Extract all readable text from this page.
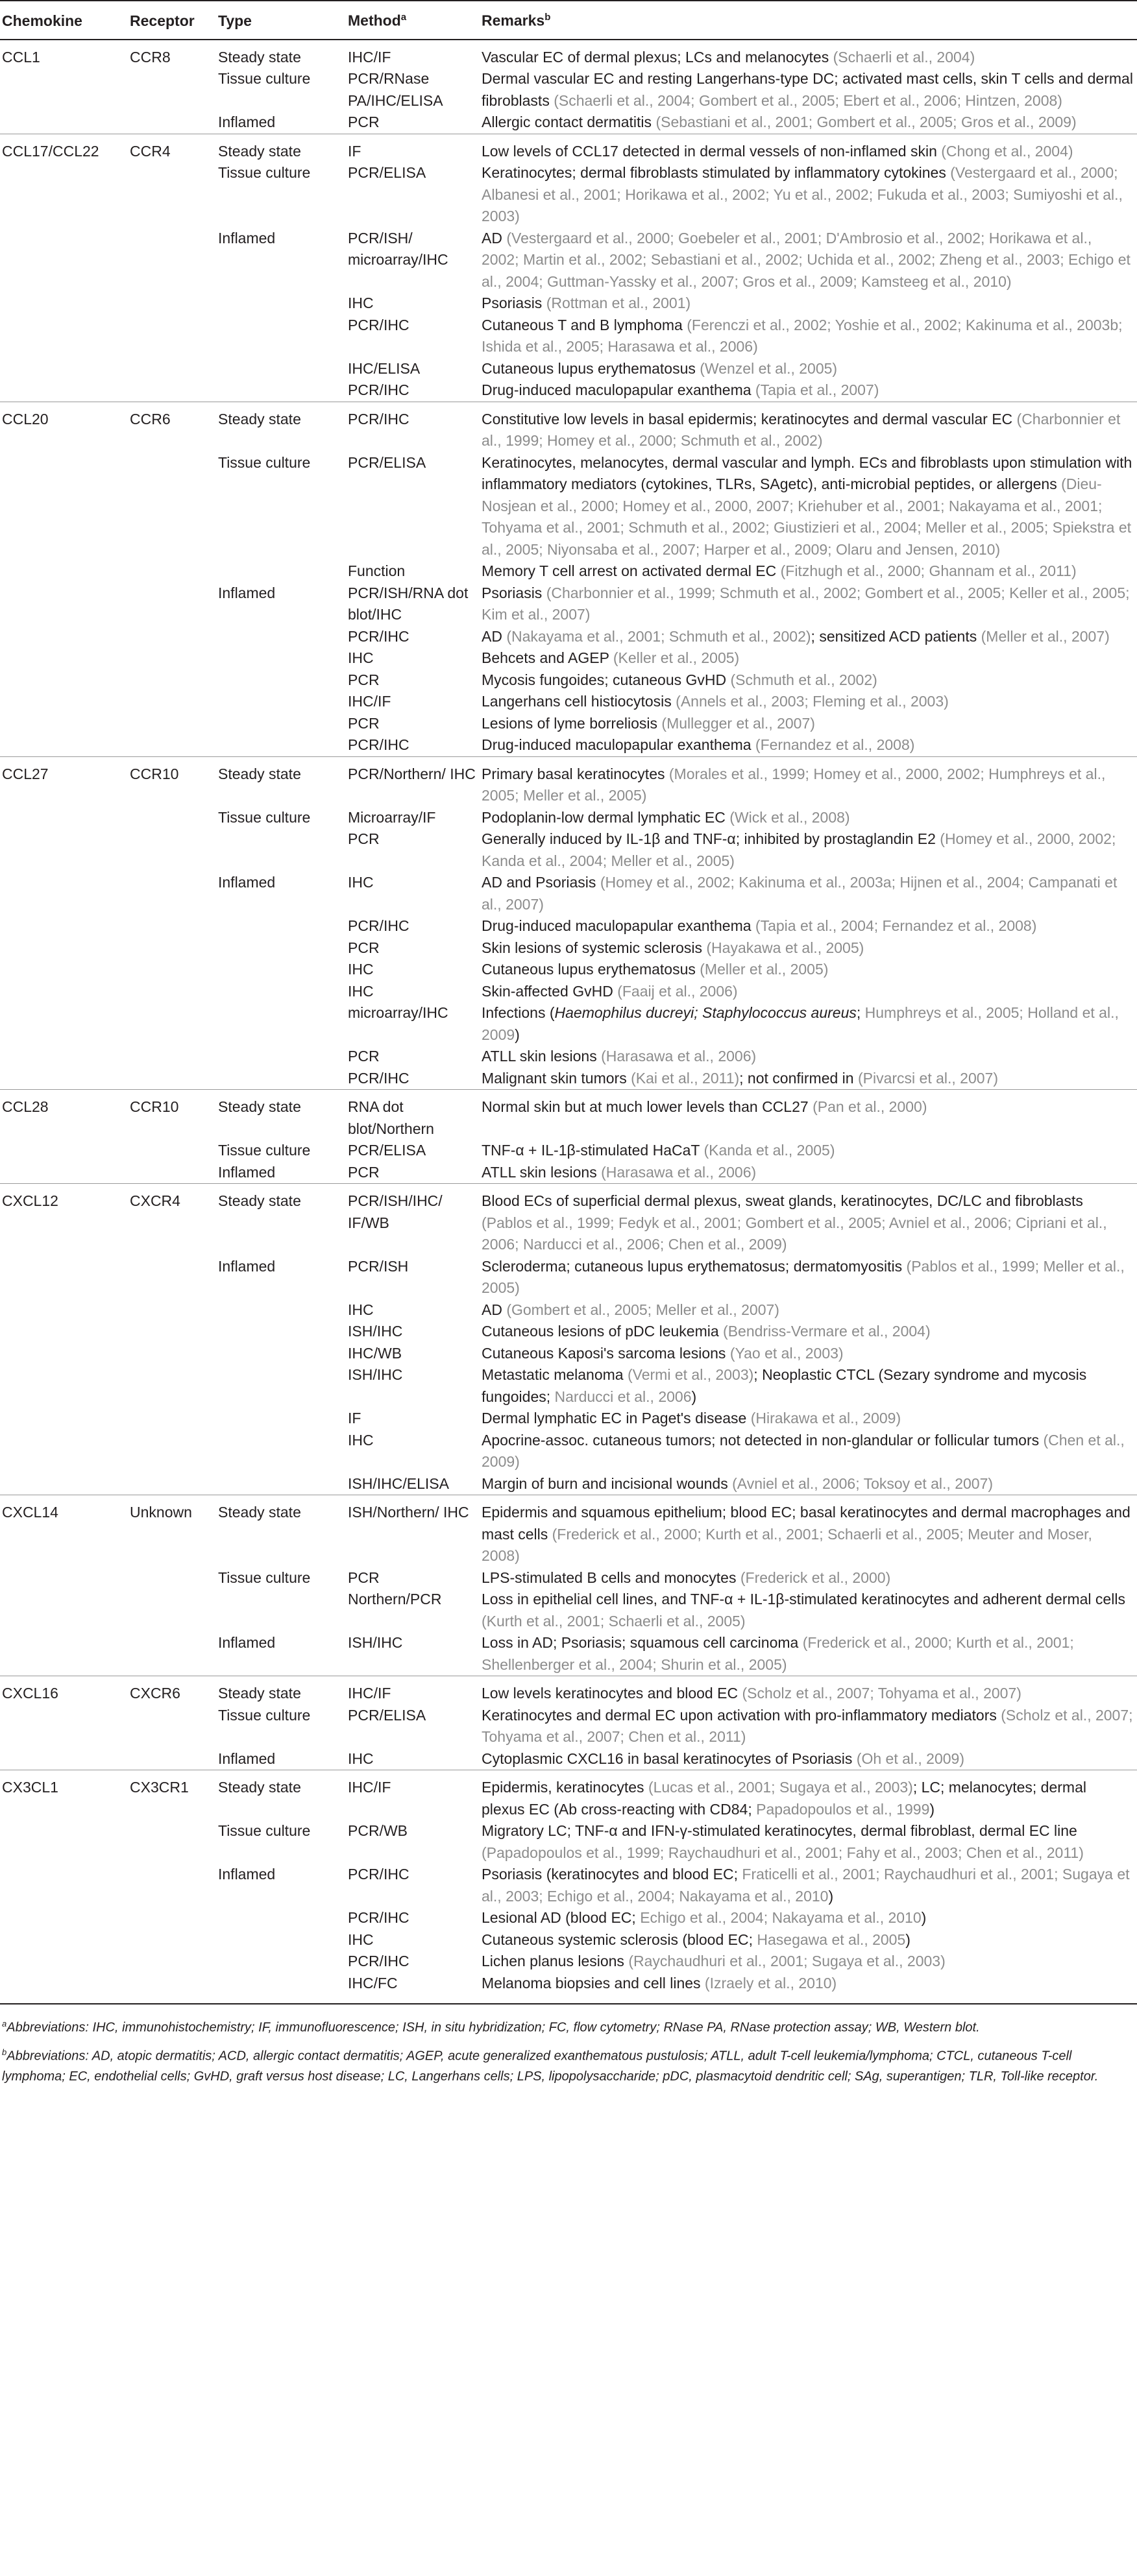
Chemokine	Receptor	Type	Method$^a$	Remarks$^b$
CCL1	CCR8	Steady state	IHC/IF	Vascular EC of dermal plexus; LCs and melanocytes (Schaerli et al., 2004)
		Tissue culture	PCR/RNase PA/IHC/ELISA	Dermal vascular EC and resting Langerhans-type DC; activated mast cells, skin T cells and dermal fibroblasts (Schaerli et al., 2004; Gombert et al., 2005; Ebert et al., 2006; Hintzen, 2008)
		Inflamed	PCR	Allergic contact dermatitis (Sebastiani et al., 2001; Gombert et al., 2005; Gros et al., 2009)
CCL17/CCL22	CCR4	Steady state	IF	Low levels of CCL17 detected in dermal vessels of non-inflamed skin (Chong et al., 2004)
		Tissue culture	PCR/ELISA	Keratinocytes; dermal fibroblasts stimulated by inflammatory cytokines (Vestergaard et al., 2000; Albanesi et al., 2001; Horikawa et al., 2002; Yu et al., 2002; Fukuda et al., 2003; Sumiyoshi et al., 2003)
		Inflamed	PCR/ISH/ microarray/IHC	AD (Vestergaard et al., 2000; Goebeler et al., 2001; D'Ambrosio et al., 2002; Horikawa et al., 2002; Martin et al., 2002; Sebastiani et al., 2002; Uchida et al., 2002; Zheng et al., 2003; Echigo et al., 2004; Guttman-Yassky et al., 2007; Gros et al., 2009; Kamsteeg et al., 2010)
			IHC	Psoriasis (Rottman et al., 2001)
			PCR/IHC	Cutaneous T and B lymphoma (Ferenczi et al., 2002; Yoshie et al., 2002; Kakinuma et al., 2003b; Ishida et al., 2005; Harasawa et al., 2006)
			IHC/ELISA	Cutaneous lupus erythematosus (Wenzel et al., 2005)
			PCR/IHC	Drug-induced maculopapular exanthema (Tapia et al., 2007)
CCL20	CCR6	Steady state	PCR/IHC	Constitutive low levels in basal epidermis; keratinocytes and dermal vascular EC (Charbonnier et al., 1999; Homey et al., 2000; Schmuth et al., 2002)
		Tissue culture	PCR/ELISA	Keratinocytes, melanocytes, dermal vascular and lymph. ECs and fibroblasts upon stimulation with inflammatory mediators (cytokines, TLRs, SAgetc), anti-microbial peptides, or allergens (Dieu-Nosjean et al., 2000; Homey et al., 2000, 2007; Kriehuber et al., 2001; Nakayama et al., 2001; Tohyama et al., 2001; Schmuth et al., 2002; Giustizieri et al., 2004; Meller et al., 2005; Spiekstra et al., 2005; Niyonsaba et al., 2007; Harper et al., 2009; Olaru and Jensen, 2010)
			Function	Memory T cell arrest on activated dermal EC (Fitzhugh et al., 2000; Ghannam et al., 2011)
		Inflamed	PCR/ISH/RNA dot blot/IHC	Psoriasis (Charbonnier et al., 1999; Schmuth et al., 2002; Gombert et al., 2005; Keller et al., 2005; Kim et al., 2007)
			PCR/IHC	AD (Nakayama et al., 2001; Schmuth et al., 2002); sensitized ACD patients (Meller et al., 2007)
			IHC	Behcets and AGEP (Keller et al., 2005)
			PCR	Mycosis fungoides; cutaneous GvHD (Schmuth et al., 2002)
			IHC/IF	Langerhans cell histiocytosis (Annels et al., 2003; Fleming et al., 2003)
			PCR	Lesions of lyme borreliosis (Mullegger et al., 2007)
			PCR/IHC	Drug-induced maculopapular exanthema (Fernandez et al., 2008)
CCL27	CCR10	Steady state	PCR/Northern/ IHC	Primary basal keratinocytes (Morales et al., 1999; Homey et al., 2000, 2002; Humphreys et al., 2005; Meller et al., 2005)
		Tissue culture	Microarray/IF	Podoplanin-low dermal lymphatic EC (Wick et al., 2008)
			PCR	Generally induced by IL-1β and TNF-α; inhibited by prostaglandin E2 (Homey et al., 2000, 2002; Kanda et al., 2004; Meller et al., 2005)
		Inflamed	IHC	AD and Psoriasis (Homey et al., 2002; Kakinuma et al., 2003a; Hijnen et al., 2004; Campanati et al., 2007)
			PCR/IHC	Drug-induced maculopapular exanthema (Tapia et al., 2004; Fernandez et al., 2008)
			PCR	Skin lesions of systemic sclerosis (Hayakawa et al., 2005)
			IHC	Cutaneous lupus erythematosus (Meller et al., 2005)
			IHC	Skin-affected GvHD (Faaij et al., 2006)
			microarray/IHC	Infections (Haemophilus ducreyi; Staphylococcus aureus; Humphreys et al., 2005; Holland et al., 2009)
			PCR	ATLL skin lesions (Harasawa et al., 2006)
			PCR/IHC	Malignant skin tumors (Kai et al., 2011); not confirmed in (Pivarcsi et al., 2007)
CCL28	CCR10	Steady state	RNA dot blot/Northern	Normal skin but at much lower levels than CCL27 (Pan et al., 2000)
		Tissue culture	PCR/ELISA	TNF-α + IL-1β-stimulated HaCaT (Kanda et al., 2005)
		Inflamed	PCR	ATLL skin lesions (Harasawa et al., 2006)
CXCL12	CXCR4	Steady state	PCR/ISH/IHC/ IF/WB	Blood ECs of superficial dermal plexus, sweat glands, keratinocytes, DC/LC and fibroblasts (Pablos et al., 1999; Fedyk et al., 2001; Gombert et al., 2005; Avniel et al., 2006; Cipriani et al., 2006; Narducci et al., 2006; Chen et al., 2009)
		Inflamed	PCR/ISH	Scleroderma; cutaneous lupus erythematosus; dermatomyositis (Pablos et al., 1999; Meller et al., 2005)
			IHC	AD (Gombert et al., 2005; Meller et al., 2007)
			ISH/IHC	Cutaneous lesions of pDC leukemia (Bendriss-Vermare et al., 2004)
			IHC/WB	Cutaneous Kaposi's sarcoma lesions (Yao et al., 2003)
			ISH/IHC	Metastatic melanoma (Vermi et al., 2003); Neoplastic CTCL (Sezary syndrome and mycosis fungoides; Narducci et al., 2006)
			IF	Dermal lymphatic EC in Paget's disease (Hirakawa et al., 2009)
			IHC	Apocrine-assoc. cutaneous tumors; not detected in non-glandular or follicular tumors (Chen et al., 2009)
			ISH/IHC/ELISA	Margin of burn and incisional wounds (Avniel et al., 2006; Toksoy et al., 2007)
CXCL14	Unknown	Steady state	ISH/Northern/ IHC	Epidermis and squamous epithelium; blood EC; basal keratinocytes and dermal macrophages and mast cells (Frederick et al., 2000; Kurth et al., 2001; Schaerli et al., 2005; Meuter and Moser, 2008)
		Tissue culture	PCR	LPS-stimulated B cells and monocytes (Frederick et al., 2000)
			Northern/PCR	Loss in epithelial cell lines, and TNF-α + IL-1β-stimulated keratinocytes and adherent dermal cells (Kurth et al., 2001; Schaerli et al., 2005)
		Inflamed	ISH/IHC	Loss in AD; Psoriasis; squamous cell carcinoma (Frederick et al., 2000; Kurth et al., 2001; Shellenberger et al., 2004; Shurin et al., 2005)
CXCL16	CXCR6	Steady state	IHC/IF	Low levels keratinocytes and blood EC (Scholz et al., 2007; Tohyama et al., 2007)
		Tissue culture	PCR/ELISA	Keratinocytes and dermal EC upon activation with pro-inflammatory mediators (Scholz et al., 2007; Tohyama et al., 2007; Chen et al., 2011)
		Inflamed	IHC	Cytoplasmic CXCL16 in basal keratinocytes of Psoriasis (Oh et al., 2009)
CX3CL1	CX3CR1	Steady state	IHC/IF	Epidermis, keratinocytes (Lucas et al., 2001; Sugaya et al., 2003); LC; melanocytes; dermal plexus EC (Ab cross-reacting with CD84; Papadopoulos et al., 1999)
		Tissue culture	PCR/WB	Migratory LC; TNF-α and IFN-γ-stimulated keratinocytes, dermal fibroblast, dermal EC line (Papadopoulos et al., 1999; Raychaudhuri et al., 2001; Fahy et al., 2003; Chen et al., 2011)
		Inflamed	PCR/IHC	Psoriasis (keratinocytes and blood EC; Fraticelli et al., 2001; Raychaudhuri et al., 2001; Sugaya et al., 2003; Echigo et al., 2004; Nakayama et al., 2010)
			PCR/IHC	Lesional AD (blood EC; Echigo et al., 2004; Nakayama et al., 2010)
			IHC	Cutaneous systemic sclerosis (blood EC; Hasegawa et al., 2005)
			PCR/IHC	Lichen planus lesions (Raychaudhuri et al., 2001; Sugaya et al., 2003)
			IHC/FC	Melanoma biopsies and cell lines (Izraely et al., 2010)

$^a$Abbreviations: IHC, immunohistochemistry; IF, immunofluorescence; ISH, in situ hybridization; FC, flow cytometry; RNase PA, RNase protection assay; WB, Western blot.

$^b$Abbreviations: AD, atopic dermatitis; ACD, allergic contact dermatitis; AGEP, acute generalized exanthematous pustulosis; ATLL, adult T-cell leukemia/lymphoma; CTCL, cutaneous T-cell lymphoma; EC, endothelial cells; GvHD, graft versus host disease; LC, Langerhans cells; LPS, lipopolysaccharide; pDC, plasmacytoid dendritic cell; SAg, superantigen; TLR, Toll-like receptor.
